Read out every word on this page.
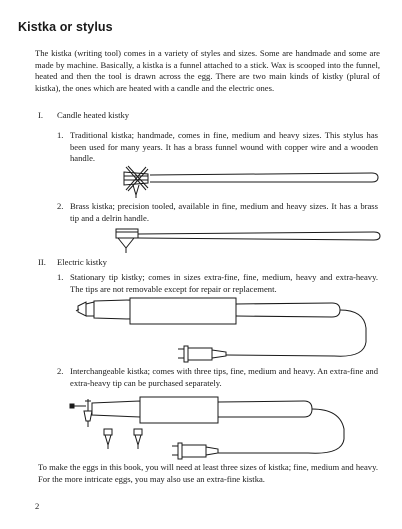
Kistka or stylus
The kistka (writing tool) comes in a variety of styles and sizes. Some are handmade and some are made by machine. Basically, a kistka is a funnel attached to a stick. Wax is scooped into the funnel, heated and then the tool is drawn across the egg. There are two main kinds of kistky (plural of kistka), the ones which are heated with a candle and the electric ones.
I. Candle heated kistky
1. Traditional kistka; handmade, comes in fine, medium and heavy sizes. This stylus has been used for many years. It has a brass funnel wound with copper wire and a wooden handle.
2. Brass kistka; precision tooled, available in fine, medium and heavy sizes. It has a brass tip and a delrin handle.
II. Electric kistky
1. Stationary tip kistky; comes in sizes extra-fine, fine, medium, heavy and extra-heavy. The tips are not removable except for repair or replacement.
2. Interchangeable kistka; comes with three tips, fine, medium and heavy. An extra-fine and extra-heavy tip can be purchased separately.
To make the eggs in this book, you will need at least three sizes of kistka; fine, medium and heavy. For the more intricate eggs, you may also use an extra-fine kistka.
2
